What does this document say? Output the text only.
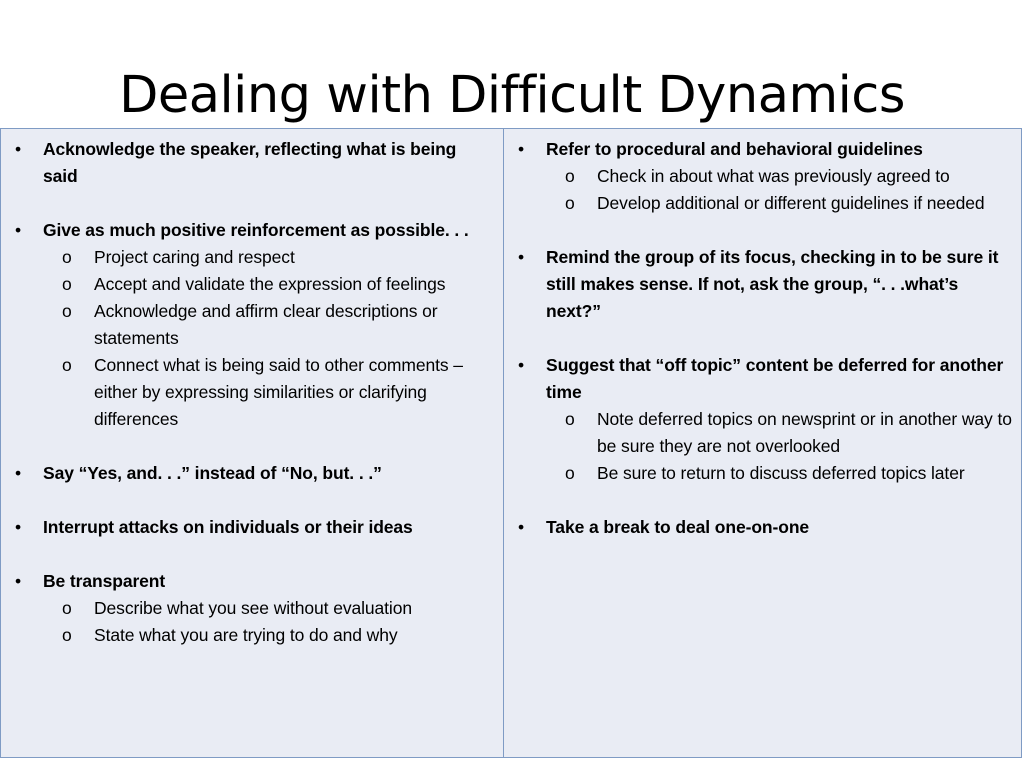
Dealing with Difficult Dynamics
• Acknowledge the speaker, reflecting what is being said
• Give as much positive reinforcement as possible. . .
o Project caring and respect
o Accept and validate the expression of feelings
o Acknowledge and affirm clear descriptions or statements
o Connect what is being said to other comments – either by expressing similarities or clarifying differences
• Say “Yes, and. . .” instead of “No, but. . .”
• Interrupt attacks on individuals or their ideas
• Be transparent
o Describe what you see without evaluation
o State what you are trying to do and why
• Refer to procedural and behavioral guidelines
o Check in about what was previously agreed to
o Develop additional or different guidelines if needed
• Remind the group of its focus, checking in to be sure it still makes sense. If not, ask the group, “. . .what’s next?”
• Suggest that “off topic” content be deferred for another time
o Note deferred topics on newsprint or in another way to be sure they are not overlooked
o Be sure to return to discuss deferred topics later
• Take a break to deal one-on-one
